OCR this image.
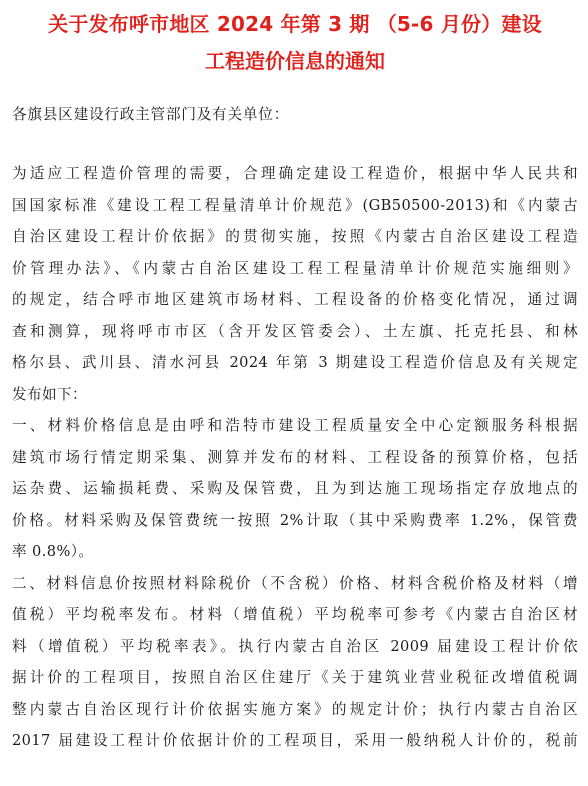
关于发布呼市地区 2024 年第 3 期 （5-6 月份）建设
工程造价信息的通知
各旗县区建设行政主管部门及有关单位：
为适应工程造价管理的需要，合理确定建设工程造价，根据中华人民共和
国国家标准《建设工程工程量清单计价规范》(GB50500-2013)和《内蒙古
自治区建设工程计价依据》的贯彻实施，按照《内蒙古自治区建设工程造
价管理办法》、《内蒙古自治区建设工程工程量清单计价规范实施细则》
的规定，结合呼市地区建筑市场材料、工程设备的价格变化情况，通过调
查和测算，现将呼市市区（含开发区管委会）、土左旗、托克托县、和林
格尔县、武川县、清水河县 2024 年第 3 期建设工程造价信息及有关规定
发布如下：
一、材料价格信息是由呼和浩特市建设工程质量安全中心定额服务科根据
建筑市场行情定期采集、测算并发布的材料、工程设备的预算价格，包括
运杂费、运输损耗费、采购及保管费，且为到达施工现场指定存放地点的
价格。材料采购及保管费统一按照 2%计取（其中采购费率 1.2%，保管费
率 0.8%）。
二、材料信息价按照材料除税价（不含税）价格、材料含税价格及材料（增
值税）平均税率发布。材料（增值税）平均税率可参考《内蒙古自治区材
料（增值税）平均税率表》。执行内蒙古自治区 2009 届建设工程计价依
据计价的工程项目，按照自治区住建厅《关于建筑业营业税征改增值税调
整内蒙古自治区现行计价依据实施方案》的规定计价；执行内蒙古自治区
2017 届建设工程计价依据计价的工程项目，采用一般纳税人计价的，税前
